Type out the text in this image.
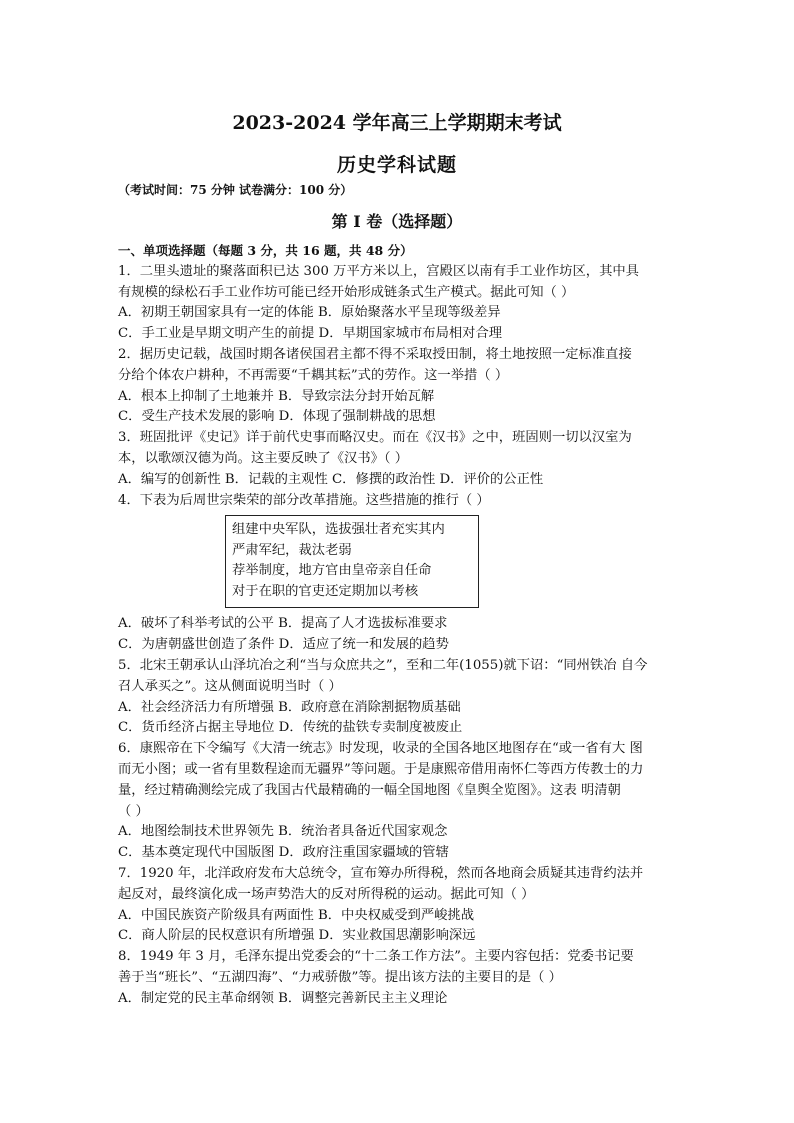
2023-2024 学年高三上学期期末考试
历史学科试题
（考试时间：75 分钟 试卷满分：100 分）
第 I 卷（选择题）
一、单项选择题（每题 3 分，共 16 题，共 48 分）
1．二里头遗址的聚落面积已达 300 万平方米以上，宫殿区以南有手工业作坊区，其中具
有规模的绿松石手工业作坊可能已经开始形成链条式生产模式。据此可知（ ）
A．初期王朝国家具有一定的体能 B．原始聚落水平呈现等级差异
C．手工业是早期文明产生的前提 D．早期国家城市布局相对合理
2．据历史记载，战国时期各诸侯国君主都不得不采取授田制，将土地按照一定标准直接
分给个体农户耕种，不再需要“千耦其耘”式的劳作。这一举措（ ）
A．根本上抑制了土地兼并 B．导致宗法分封开始瓦解
C．受生产技术发展的影响 D．体现了强制耕战的思想
3．班固批评《史记》详于前代史事而略汉史。而在《汉书》之中，班固则一切以汉室为
本，以歌颂汉德为尚。这主要反映了《汉书》（ ）
A．编写的创新性 B．记载的主观性 C．修撰的政治性 D．评价的公正性
4．下表为后周世宗柴荣的部分改革措施。这些措施的推行（ ）
组建中央军队，选拔强壮者充实其内
严肃军纪，裁汰老弱
荐举制度，地方官由皇帝亲自任命
对于在职的官吏还定期加以考核
A．破坏了科举考试的公平 B．提高了人才选拔标准要求
C．为唐朝盛世创造了条件 D．适应了统一和发展的趋势
5．北宋王朝承认山泽坑冶之利“当与众庶共之”，至和二年(1055)就下诏：“同州铁冶 自今
召人承买之”。这从侧面说明当时（ ）
A．社会经济活力有所增强 B．政府意在消除割据物质基础
C．货币经济占据主导地位 D．传统的盐铁专卖制度被废止
6．康熙帝在下令编写《大清一统志》时发现，收录的全国各地区地图存在“或一省有大 图
而无小图；或一省有里数程途而无疆界”等问题。于是康熙帝借用南怀仁等西方传教士的力
量，经过精确测绘完成了我国古代最精确的一幅全国地图《皇舆全览图》。这表 明清朝
（ ）
A．地图绘制技术世界领先 B．统治者具备近代国家观念
C．基本奠定现代中国版图 D．政府注重国家疆域的管辖
7．1920 年，北洋政府发布大总统令，宣布筹办所得税，然而各地商会质疑其违背约法并
起反对，最终演化成一场声势浩大的反对所得税的运动。据此可知（ ）
A．中国民族资产阶级具有两面性 B．中央权威受到严峻挑战
C．商人阶层的民权意识有所增强 D．实业救国思潮影响深远
8．1949 年 3 月，毛泽东提出党委会的“十二条工作方法”。主要内容包括：党委书记要
善于当“班长”、“五湖四海”、“力戒骄傲”等。提出该方法的主要目的是（ ）
A．制定党的民主革命纲领 B．调整完善新民主主义理论
